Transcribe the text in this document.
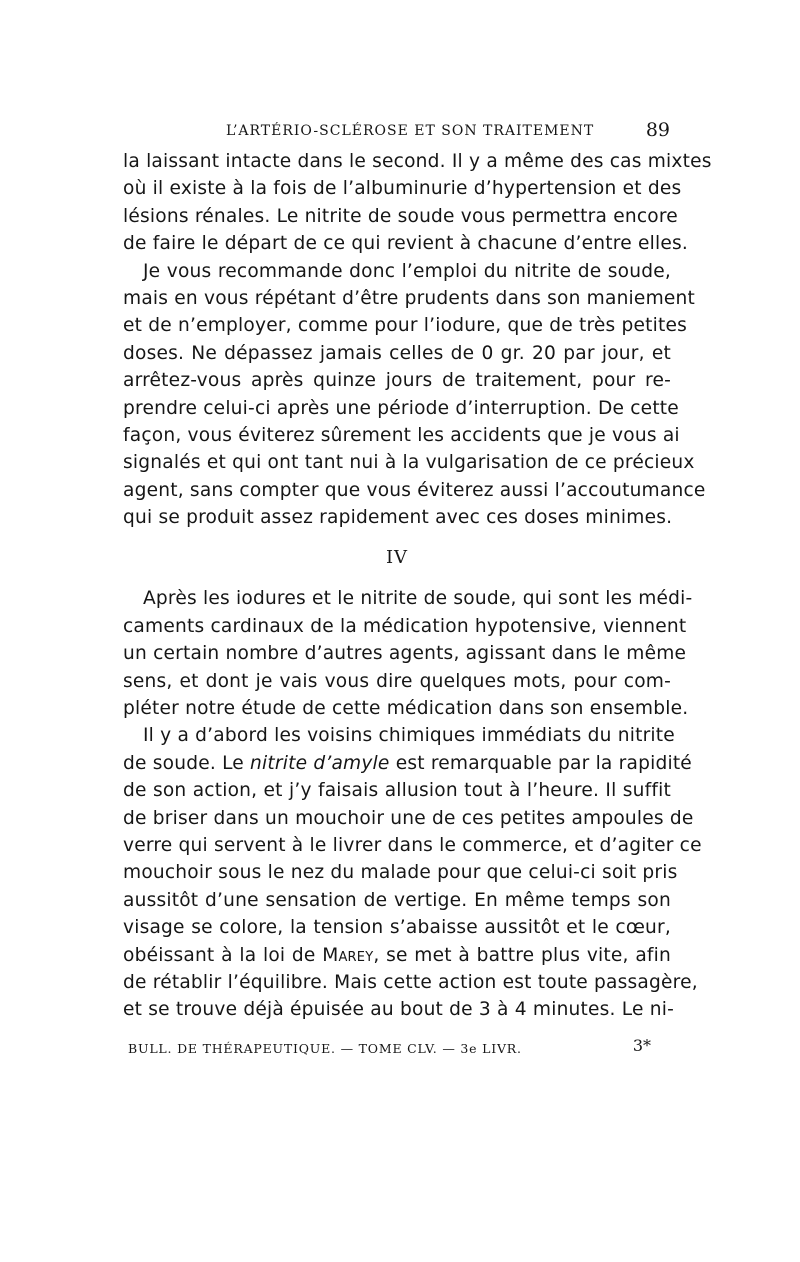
L’ARTÉRIO-SCLÉROSE ET SON TRAITEMENT	89
la laissant intacte dans le second. Il y a même des cas mixtes
où il existe à la fois de l’albuminurie d’hypertension et des
lésions rénales. Le nitrite de soude vous permettra encore
de faire le départ de ce qui revient à chacune d’entre elles.
Je vous recommande donc l’emploi du nitrite de soude,
mais en vous répétant d’être prudents dans son maniement
et de n’employer, comme pour l’iodure, que de très petites
doses. Ne dépassez jamais celles de 0 gr. 20 par jour, et
arrêtez-vous après quinze jours de traitement, pour re-
prendre celui-ci après une période d’interruption. De cette
façon, vous éviterez sûrement les accidents que je vous ai
signalés et qui ont tant nui à la vulgarisation de ce précieux
agent, sans compter que vous éviterez aussi l’accoutumance
qui se produit assez rapidement avec ces doses minimes.
IV
Après les iodures et le nitrite de soude, qui sont les médi-
caments cardinaux de la médication hypotensive, viennent
un certain nombre d’autres agents, agissant dans le même
sens, et dont je vais vous dire quelques mots, pour com-
pléter notre étude de cette médication dans son ensemble.
Il y a d’abord les voisins chimiques immédiats du nitrite
de soude. Le nitrite d’amyle est remarquable par la rapidité
de son action, et j’y faisais allusion tout à l’heure. Il suffit
de briser dans un mouchoir une de ces petites ampoules de
verre qui servent à le livrer dans le commerce, et d’agiter ce
mouchoir sous le nez du malade pour que celui-ci soit pris
aussitôt d’une sensation de vertige. En même temps son
visage se colore, la tension s’abaisse aussitôt et le cœur,
obéissant à la loi de Marey, se met à battre plus vite, afin
de rétablir l’équilibre. Mais cette action est toute passagère,
et se trouve déjà épuisée au bout de 3 à 4 minutes. Le ni-
BULL. DE THÉRAPEUTIQUE. — TOME CLV. — 3e LIVR.	3*
